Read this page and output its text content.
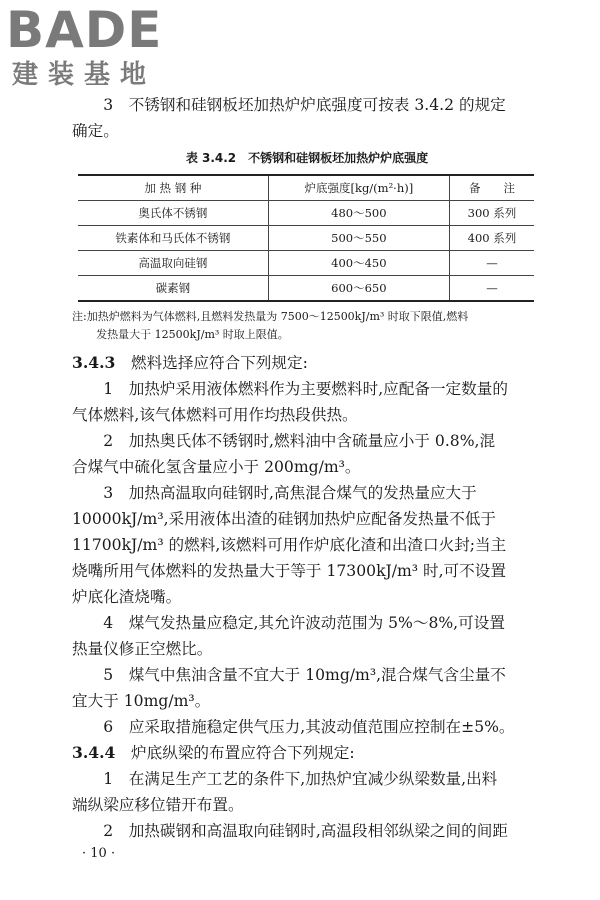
BADE
建装基地

3　不锈钢和硅钢板坯加热炉炉底强度可按表 3.4.2 的规定

确定。

表 3.4.2　不锈钢和硅钢板坯加热炉炉底强度
加 热 钢 种	炉底强度[kg/(m²·h)]	备　　注
奥氏体不锈钢	480～500	300 系列
铁素体和马氏体不锈钢	500～550	400 系列
高温取向硅钢	400～450	—
碳素钢	600～650	—
注:加热炉燃料为气体燃料,且燃料发热量为 7500～12500kJ/m³ 时取下限值,燃料
发热量大于 12500kJ/m³ 时取上限值。

3.4.3　 燃料选择应符合下列规定:

1　加热炉采用液体燃料作为主要燃料时,应配备一定数量的

气体燃料,该气体燃料可用作均热段供热。

2　加热奥氏体不锈钢时,燃料油中含硫量应小于 0.8%,混

合煤气中硫化氢含量应小于 200mg/m³。

3　加热高温取向硅钢时,高焦混合煤气的发热量应大于

10000kJ/m³,采用液体出渣的硅钢加热炉应配备发热量不低于

11700kJ/m³ 的燃料,该燃料可用作炉底化渣和出渣口火封;当主

烧嘴所用气体燃料的发热量大于等于 17300kJ/m³ 时,可不设置

炉底化渣烧嘴。

4　煤气发热量应稳定,其允许波动范围为 5%～8%,可设置

热量仪修正空燃比。

5　煤气中焦油含量不宜大于 10mg/m³,混合煤气含尘量不

宜大于 10mg/m³。

6　应采取措施稳定供气压力,其波动值范围应控制在±5%。

3.4.4　 炉底纵梁的布置应符合下列规定:

1　在满足生产工艺的条件下,加热炉宜减少纵梁数量,出料

端纵梁应移位错开布置。

2　加热碳钢和高温取向硅钢时,高温段相邻纵梁之间的间距

· 10 ·
